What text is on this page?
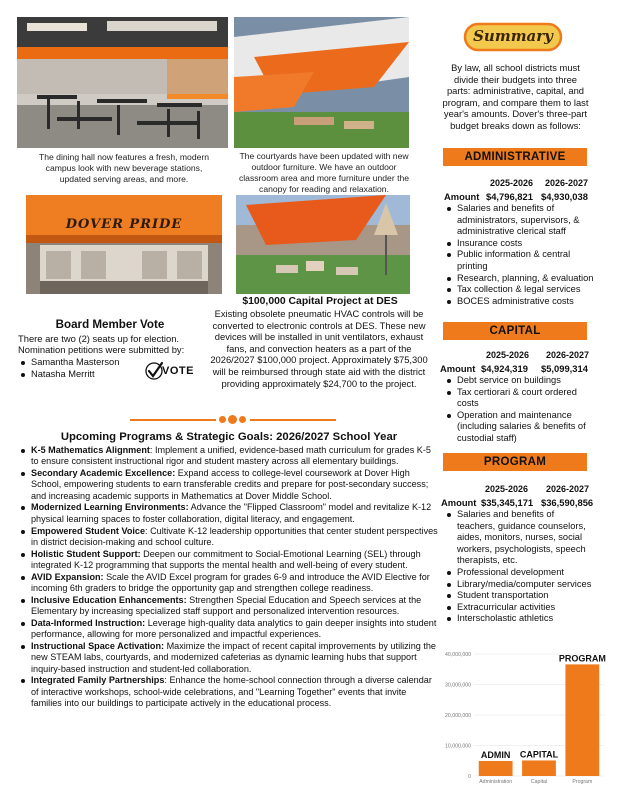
The dining hall now features a fresh, modern campus look with new beverage stations, updated serving areas, and more.
The courtyards have been updated with new outdoor furniture. We have an outdoor classroom area and more furniture under the canopy for reading and relaxation.
DOVER PRIDE
$100,000 Capital Project at DES
Existing obsolete pneumatic HVAC controls will be converted to electronic controls at DES. These new devices will be installed in unit ventilators, exhaust fans, and convection heaters as a part of the 2026/2027 $100,000 project. Approximately $75,300 will be reimbursed through state aid with the district providing approximately $24,700 to the project.
Board Member Vote
There are two (2) seats up for election. Nomination petitions were submitted by:
Samantha Masterson
Natasha Merritt	VOTE
Upcoming Programs & Strategic Goals: 2026/2027 School Year
K-5 Mathematics Alignment: Implement a unified, evidence-based math curriculum for grades K-5 to ensure consistent instructional rigor and student mastery across all elementary buildings.
Secondary Academic Excellence: Expand access to college-level coursework at Dover High School, empowering students to earn transferable credits and prepare for post-secondary success; and increasing academic supports in Mathematics at Dover Middle School.
Modernized Learning Environments: Advance the "Flipped Classroom" model and revitalize K-12 physical learning spaces to foster collaboration, digital literacy, and engagement.
Empowered Student Voice: Cultivate K-12 leadership opportunities that center student perspectives in district decision-making and school culture.
Holistic Student Support: Deepen our commitment to Social-Emotional Learning (SEL) through integrated K-12 programming that supports the mental health and well-being of every student.
AVID Expansion: Scale the AVID Excel program for grades 6-9 and introduce the AVID Elective for incoming 6th graders to bridge the opportunity gap and strengthen college readiness.
Inclusive Education Enhancements: Strengthen Special Education and Speech services at the Elementary by increasing specialized staff support and personalized intervention resources.
Data-Informed Instruction: Leverage high-quality data analytics to gain deeper insights into student performance, allowing for more personalized and impactful experiences.
Instructional Space Activation: Maximize the impact of recent capital improvements by utilizing the new STEAM labs, courtyards, and modernized cafeterias as dynamic learning hubs that support inquiry-based instruction and student-led collaboration.
Integrated Family Partnerships: Enhance the home-school connection through a diverse calendar of interactive workshops, school-wide celebrations, and "Learning Together" events that invite families into our buildings to participate actively in the educational process.
Summary
By law, all school districts must divide their budgets into three parts: administrative, capital, and program, and compare them to last year's amounts. Dover's three-part budget breaks down as follows:
ADMINISTRATIVE
2025-2026 2026-2027
Amount $4,796,821 $4,930,038
Salaries and benefits of administrators, supervisors, & administrative clerical staff
Insurance costs
Public information & central printing
Research, planning, & evaluation
Tax collection & legal services
BOCES administrative costs
CAPITAL
2025-2026 2026-2027
Amount $4,924,319 $5,099,314
Debt service on buildings
Tax certiorari & court ordered costs
Operation and maintenance (including salaries & benefits of custodial staff)
PROGRAM
2025-2026 2026-2027
Amount $35,345,171 $36,590,856
Salaries and benefits of teachers, guidance counselors, aides, monitors, nurses, social workers, psychologists, speech therapists, etc.
Professional development
Library/media/computer services
Student transportation
Extracurricular activities
Interscholastic athletics
0
10,000,000
20,000,000
30,000,000
40,000,000
ADMIN
Administration
CAPITAL
Capital
PROGRAM
Program
